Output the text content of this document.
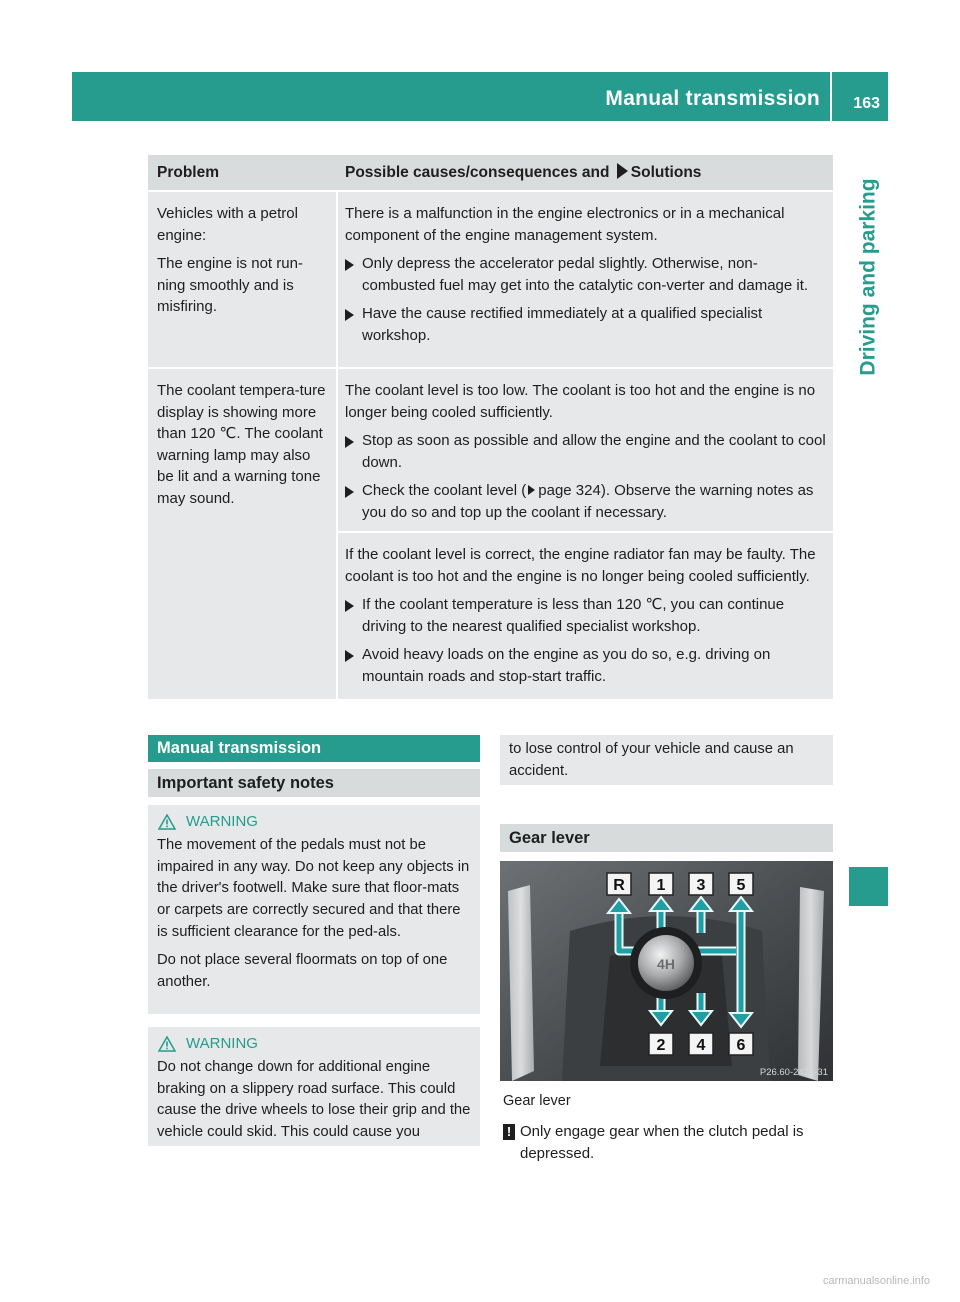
Manual transmission 163
Driving and parking
Problem	Possible causes/consequences and Solutions

Vehicles with a petrol engine:

The engine is not run-ning smoothly and is misfiring.

There is a malfunction in the engine electronics or in a mechanical component of the engine management system.

Only depress the accelerator pedal slightly. Otherwise, non-combusted fuel may get into the catalytic con-verter and damage it.
Have the cause rectified immediately at a qualified specialist workshop.

The coolant tempera-ture display is showing more than 120 ℃. The coolant warning lamp may also be lit and a warning tone may sound.

The coolant level is too low. The coolant is too hot and the engine is no longer being cooled sufficiently.

Stop as soon as possible and allow the engine and the coolant to cool down.
Check the coolant level ( page 324). Observe the warning notes as you do so and top up the coolant if necessary.

If the coolant level is correct, the engine radiator fan may be faulty. The coolant is too hot and the engine is no longer being cooled sufficiently.

If the coolant temperature is less than 120 ℃, you can continue driving to the nearest qualified specialist workshop.
Avoid heavy loads on the engine as you do so, e.g. driving on mountain roads and stop-start traffic.
Manual transmission
Important safety notes
WARNING

The movement of the pedals must not be impaired in any way. Do not keep any objects in the driver's footwell. Make sure that floor-mats or carpets are correctly secured and that there is sufficient clearance for the ped-als.

Do not place several floormats on top of one another.

WARNING

Do not change down for additional engine braking on a slippery road surface. This could cause the drive wheels to lose their grip and the vehicle could skid. This could cause you

to lose control of your vehicle and cause an accident.

Gear lever
4H
R 1 3 5
2 4 6
P26.60-2421-31
Gear lever
! Only engage gear when the clutch pedal is depressed.
carmanualsonline.info
